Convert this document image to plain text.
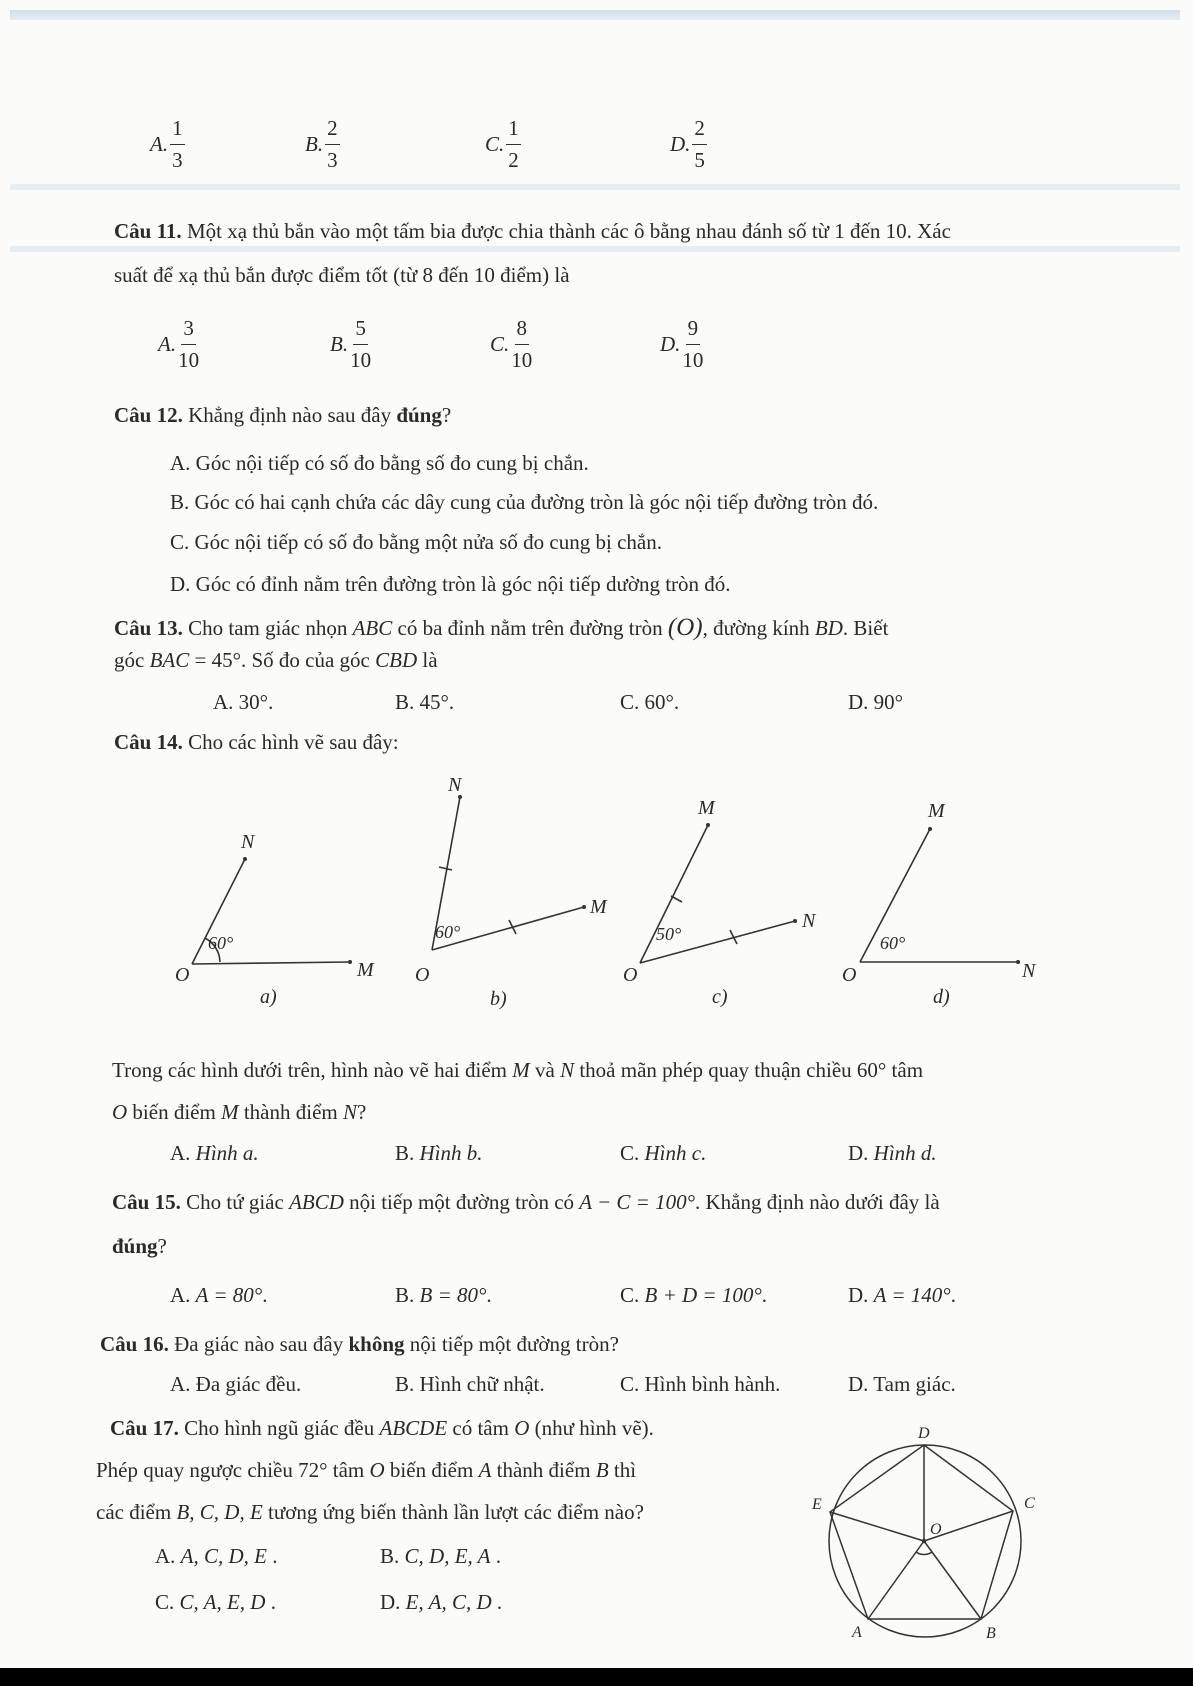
A. $\frac{1}{3}$	B. $\frac{2}{3}$	C. $\frac{1}{2}$	D. $\frac{2}{5}$
Câu 11. Một xạ thủ bắn vào một tấm bia được chia thành các ô bằng nhau đánh số từ 1 đến 10. Xác
suất để xạ thủ bắn được điểm tốt (từ 8 đến 10 điểm) là
A. $\frac{3}{10}$	B. $\frac{5}{10}$	C. $\frac{8}{10}$	D. $\frac{9}{10}$
Câu 12. Khẳng định nào sau đây đúng?
A. Góc nội tiếp có số đo bằng số đo cung bị chắn.
B. Góc có hai cạnh chứa các dây cung của đường tròn là góc nội tiếp đường tròn đó.
C. Góc nội tiếp có số đo bằng một nửa số đo cung bị chắn.
D. Góc có đỉnh nằm trên đường tròn là góc nội tiếp dường tròn đó.
Câu 13. Cho tam giác nhọn ABC có ba đỉnh nằm trên đường tròn (O), đường kính BD. Biết
góc BAC = 45°. Số đo của góc CBD là
A. 30°.	B. 45°.	C. 60°.	D. 90°
Câu 14. Cho các hình vẽ sau đây:
60°
O	M
N
a)
60°
O
M
N
b)
50°
O
M
N
c)
60°
O
M
N
d)
Trong các hình dưới trên, hình nào vẽ hai điểm M và N thoả mãn phép quay thuận chiều 60° tâm
O biến điểm M thành điểm N?
A. Hình a.	B. Hình b.	C. Hình c.	D. Hình d.
Câu 15. Cho tứ giác ABCD nội tiếp một đường tròn có A − C = 100°. Khẳng định nào dưới đây là
đúng?
A. A = 80°.	B. B = 80°.	C. B + D = 100°.	D. A = 140°.
Câu 16. Đa giác nào sau đây không nội tiếp một đường tròn?
A. Đa giác đều.	B. Hình chữ nhật.	C. Hình bình hành.	D. Tam giác.
Câu 17. Cho hình ngũ giác đều ABCDE có tâm O (như hình vẽ).
Phép quay ngược chiều 72° tâm O biến điểm A thành điểm B thì
các điểm B, C, D, E tương ứng biến thành lần lượt các điểm nào?
A. A, C, D, E .	B. C, D, E, A .
C. C, A, E, D .	D. E, A, C, D .
D
C
E
O
A	B
